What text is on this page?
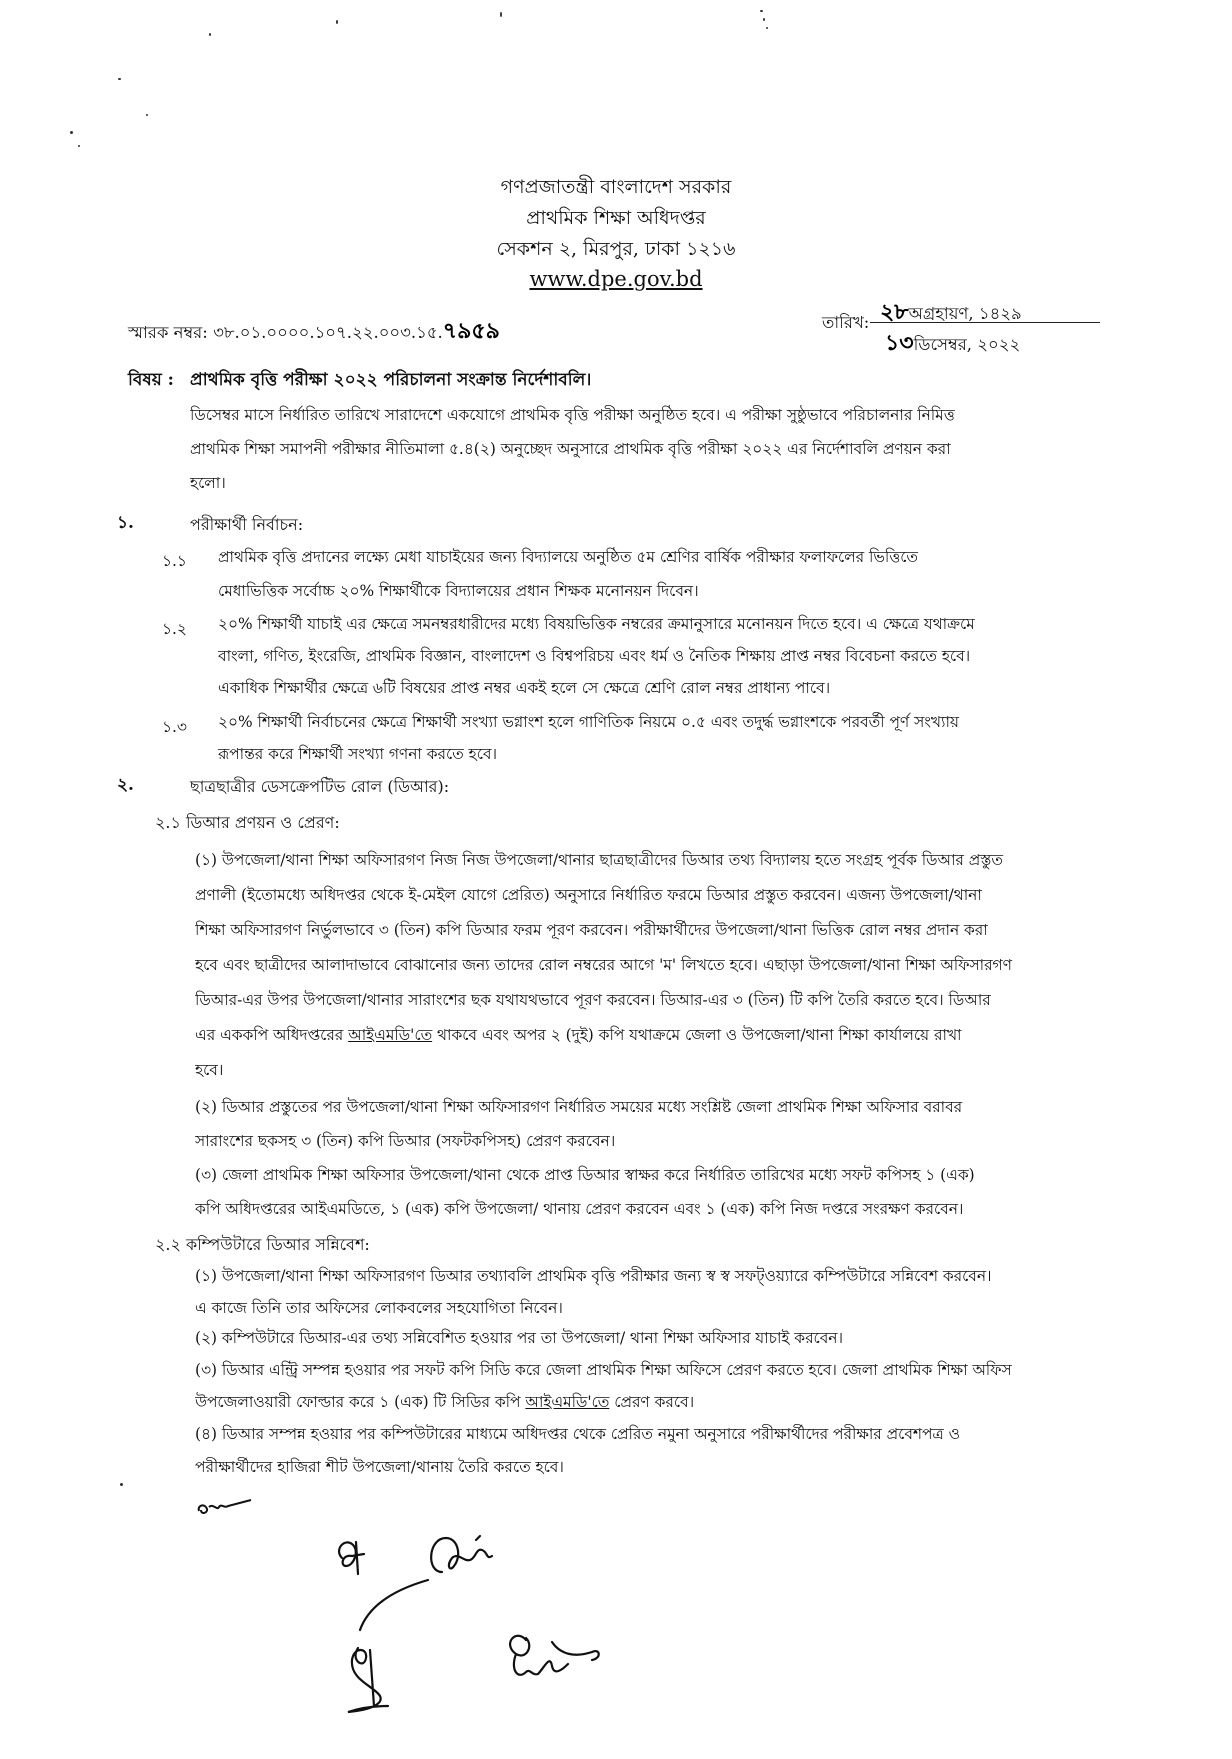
গণপ্রজাতন্ত্রী বাংলাদেশ সরকার
প্রাথমিক শিক্ষা অধিদপ্তর
সেকশন ২, মিরপুর, ঢাকা ১২১৬
www.dpe.gov.bd
স্মারক নম্বর: ৩৮.০১.০০০০.১০৭.২২.০০৩.১৫.৭৯৫৯	তারিখ: ২৮অগ্রহায়ণ, ১৪২৯
১৩ডিসেম্বর, ২০২২
বিষয় : প্রাথমিক বৃত্তি পরীক্ষা ২০২২ পরিচালনা সংক্রান্ত নির্দেশাবলি।
ডিসেম্বর মাসে নির্ধারিত তারিখে সারাদেশে একযোগে প্রাথমিক বৃত্তি পরীক্ষা অনুষ্ঠিত হবে। এ পরীক্ষা সুষ্ঠুভাবে পরিচালনার নিমিত্ত
প্রাথমিক শিক্ষা সমাপনী পরীক্ষার নীতিমালা ৫.৪(২) অনুচ্ছেদ অনুসারে প্রাথমিক বৃত্তি পরীক্ষা ২০২২ এর নির্দেশাবলি প্রণয়ন করা
হলো।
১.	পরীক্ষার্থী নির্বাচন:
১.১ প্রাথমিক বৃত্তি প্রদানের লক্ষ্যে মেধা যাচাইয়ের জন্য বিদ্যালয়ে অনুষ্ঠিত ৫ম শ্রেণির বার্ষিক পরীক্ষার ফলাফলের ভিত্তিতে
মেধাভিত্তিক সর্বোচ্চ ২০% শিক্ষার্থীকে বিদ্যালয়ের প্রধান শিক্ষক মনোনয়ন দিবেন।
১.২ ২০% শিক্ষার্থী যাচাই এর ক্ষেত্রে সমনম্বরধারীদের মধ্যে বিষয়ভিত্তিক নম্বরের ক্রমানুসারে মনোনয়ন দিতে হবে। এ ক্ষেত্রে যথাক্রমে
বাংলা, গণিত, ইংরেজি, প্রাথমিক বিজ্ঞান, বাংলাদেশ ও বিশ্বপরিচয় এবং ধর্ম ও নৈতিক শিক্ষায় প্রাপ্ত নম্বর বিবেচনা করতে হবে।
একাধিক শিক্ষার্থীর ক্ষেত্রে ৬টি বিষয়ের প্রাপ্ত নম্বর একই হলে সে ক্ষেত্রে শ্রেণি রোল নম্বর প্রাধান্য পাবে।
১.৩ ২০% শিক্ষার্থী নির্বাচনের ক্ষেত্রে শিক্ষার্থী সংখ্যা ভগ্নাংশ হলে গাণিতিক নিয়মে ০.৫ এবং তদুর্দ্ধ ভগ্নাংশকে পরবর্তী পূর্ণ সংখ্যায়
রূপান্তর করে শিক্ষার্থী সংখ্যা গণনা করতে হবে।
২.	ছাত্রছাত্রীর ডেসক্রেপটিভ রোল (ডিআর):
২.১ ডিআর প্রণয়ন ও প্রেরণ:
(১) উপজেলা/থানা শিক্ষা অফিসারগণ নিজ নিজ উপজেলা/থানার ছাত্রছাত্রীদের ডিআর তথ্য বিদ্যালয় হতে সংগ্রহ পূর্বক ডিআর প্রস্তুত
প্রণালী (ইতোমধ্যে অধিদপ্তর থেকে ই-মেইল যোগে প্রেরিত) অনুসারে নির্ধারিত ফরমে ডিআর প্রস্তুত করবেন। এজন্য উপজেলা/থানা
শিক্ষা অফিসারগণ নির্ভুলভাবে ৩ (তিন) কপি ডিআর ফরম পূরণ করবেন। পরীক্ষার্থীদের উপজেলা/থানা ভিত্তিক রোল নম্বর প্রদান করা
হবে এবং ছাত্রীদের আলাদাভাবে বোঝানোর জন্য তাদের রোল নম্বরের আগে 'ম' লিখতে হবে। এছাড়া উপজেলা/থানা শিক্ষা অফিসারগণ
ডিআর-এর উপর উপজেলা/থানার সারাংশের ছক যথাযথভাবে পূরণ করবেন। ডিআর-এর ৩ (তিন) টি কপি তৈরি করতে হবে। ডিআর
এর এককপি অধিদপ্তরের আইএমডি'তে থাকবে এবং অপর ২ (দুই) কপি যথাক্রমে জেলা ও উপজেলা/থানা শিক্ষা কার্যালয়ে রাখা
হবে।
(২) ডিআর প্রস্তুতের পর উপজেলা/থানা শিক্ষা অফিসারগণ নির্ধারিত সময়ের মধ্যে সংশ্লিষ্ট জেলা প্রাথমিক শিক্ষা অফিসার বরাবর
সারাংশের ছকসহ ৩ (তিন) কপি ডিআর (সফটকপিসহ) প্রেরণ করবেন।
(৩) জেলা প্রাথমিক শিক্ষা অফিসার উপজেলা/থানা থেকে প্রাপ্ত ডিআর স্বাক্ষর করে নির্ধারিত তারিখের মধ্যে সফট কপিসহ ১ (এক)
কপি অধিদপ্তরের আইএমডিতে, ১ (এক) কপি উপজেলা/ থানায় প্রেরণ করবেন এবং ১ (এক) কপি নিজ দপ্তরে সংরক্ষণ করবেন।
২.২ কম্পিউটারে ডিআর সন্নিবেশ:
(১) উপজেলা/থানা শিক্ষা অফিসারগণ ডিআর তথ্যাবলি প্রাথমিক বৃত্তি পরীক্ষার জন্য স্ব স্ব সফট্ওয়্যারে কম্পিউটারে সন্নিবেশ করবেন।
এ কাজে তিনি তার অফিসের লোকবলের সহযোগিতা নিবেন।
(২) কম্পিউটারে ডিআর-এর তথ্য সন্নিবেশিত হওয়ার পর তা উপজেলা/ থানা শিক্ষা অফিসার যাচাই করবেন।
(৩) ডিআর এন্ট্রি সম্পন্ন হওয়ার পর সফট কপি সিডি করে জেলা প্রাথমিক শিক্ষা অফিসে প্রেরণ করতে হবে। জেলা প্রাথমিক শিক্ষা অফিস
উপজেলাওয়ারী ফোল্ডার করে ১ (এক) টি সিডির কপি আইএমডি'তে প্রেরণ করবে।
(৪) ডিআর সম্পন্ন হওয়ার পর কম্পিউটারের মাধ্যমে অধিদপ্তর থেকে প্রেরিত নমুনা অনুসারে পরীক্ষার্থীদের পরীক্ষার প্রবেশপত্র ও
পরীক্ষার্থীদের হাজিরা শীট উপজেলা/থানায় তৈরি করতে হবে।
